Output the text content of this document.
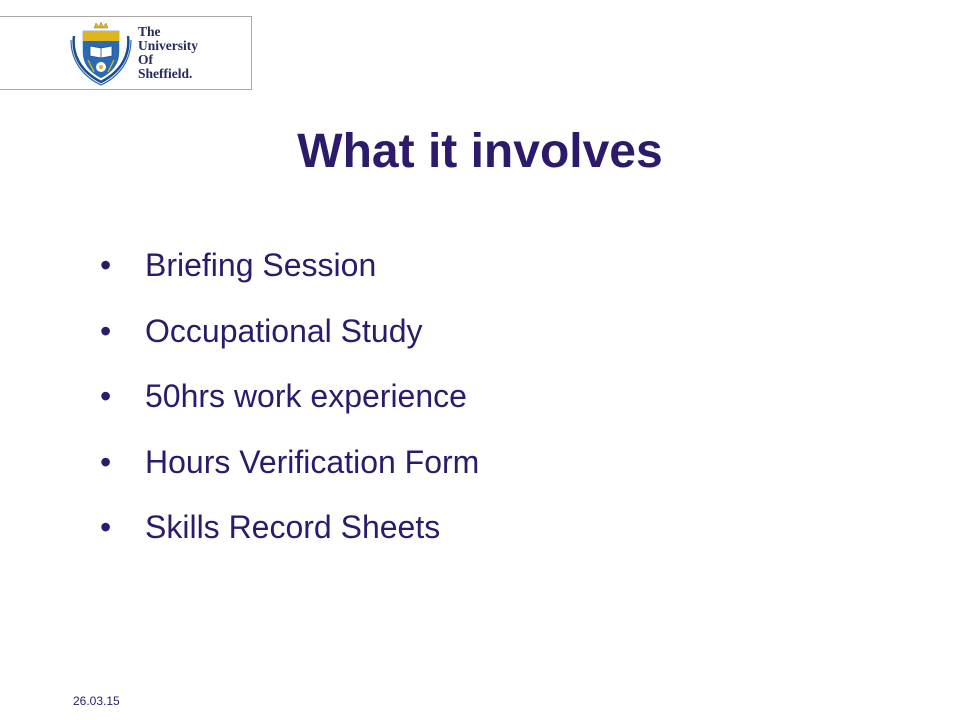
The
University
Of
Sheffield.
What it involves
• Briefing Session
• Occupational Study
• 50hrs work experience
• Hours Verification Form
• Skills Record Sheets
26.03.15
